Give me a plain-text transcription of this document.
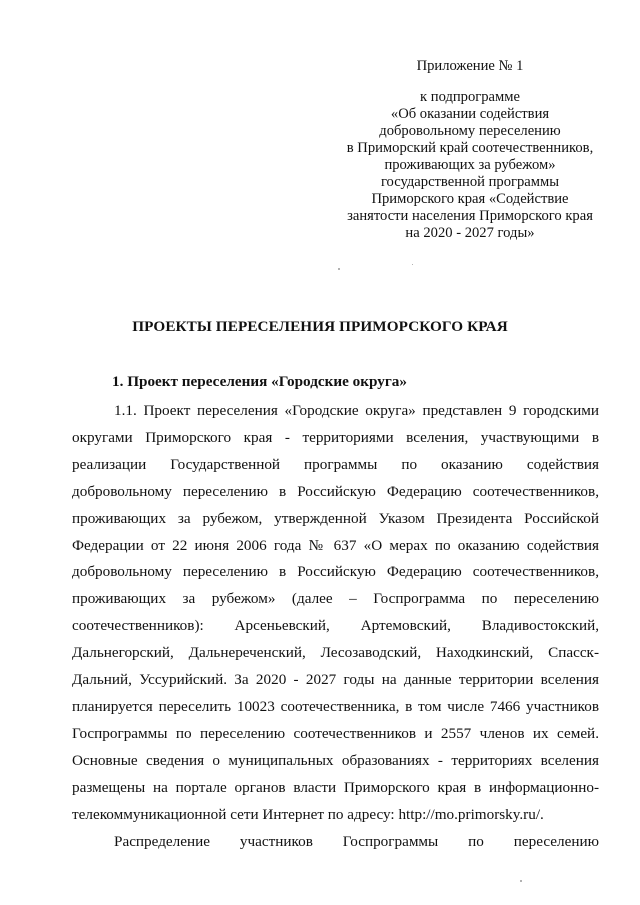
Приложение № 1
к подпрограмме
«Об оказании содействия
добровольному переселению
в Приморский край соотечественников,
проживающих за рубежом»
государственной программы
Приморского края «Содействие
занятости населения Приморского края
на 2020 - 2027 годы»
ПРОЕКТЫ ПЕРЕСЕЛЕНИЯ ПРИМОРСКОГО КРАЯ
1. Проект переселения «Городские округа»
1.1. Проект переселения «Городские округа» представлен 9 городскими
округами Приморского края - территориями вселения, участвующими в
реализации Государственной программы по оказанию содействия
добровольному переселению в Российскую Федерацию соотечественников,
проживающих за рубежом, утвержденной Указом Президента Российской
Федерации от 22 июня 2006 года № 637 «О мерах по оказанию содействия
добровольному переселению в Российскую Федерацию соотечественников,
проживающих за рубежом» (далее – Госпрограмма по переселению
соотечественников): Арсеньевский, Артемовский, Владивостокский,
Дальнегорский, Дальнереченский, Лесозаводский, Находкинский, Спасск-
Дальний, Уссурийский. За 2020 - 2027 годы на данные территории вселения
планируется переселить 10023 соотечественника, в том числе 7466 участников
Госпрограммы по переселению соотечественников и 2557 членов их семей.
Основные сведения о муниципальных образованиях - территориях вселения
размещены на портале органов власти Приморского края в информационно-
телекоммуникационной сети Интернет по адресу: http://mo.primorsky.ru/.
Распределение участников Госпрограммы по переселению
